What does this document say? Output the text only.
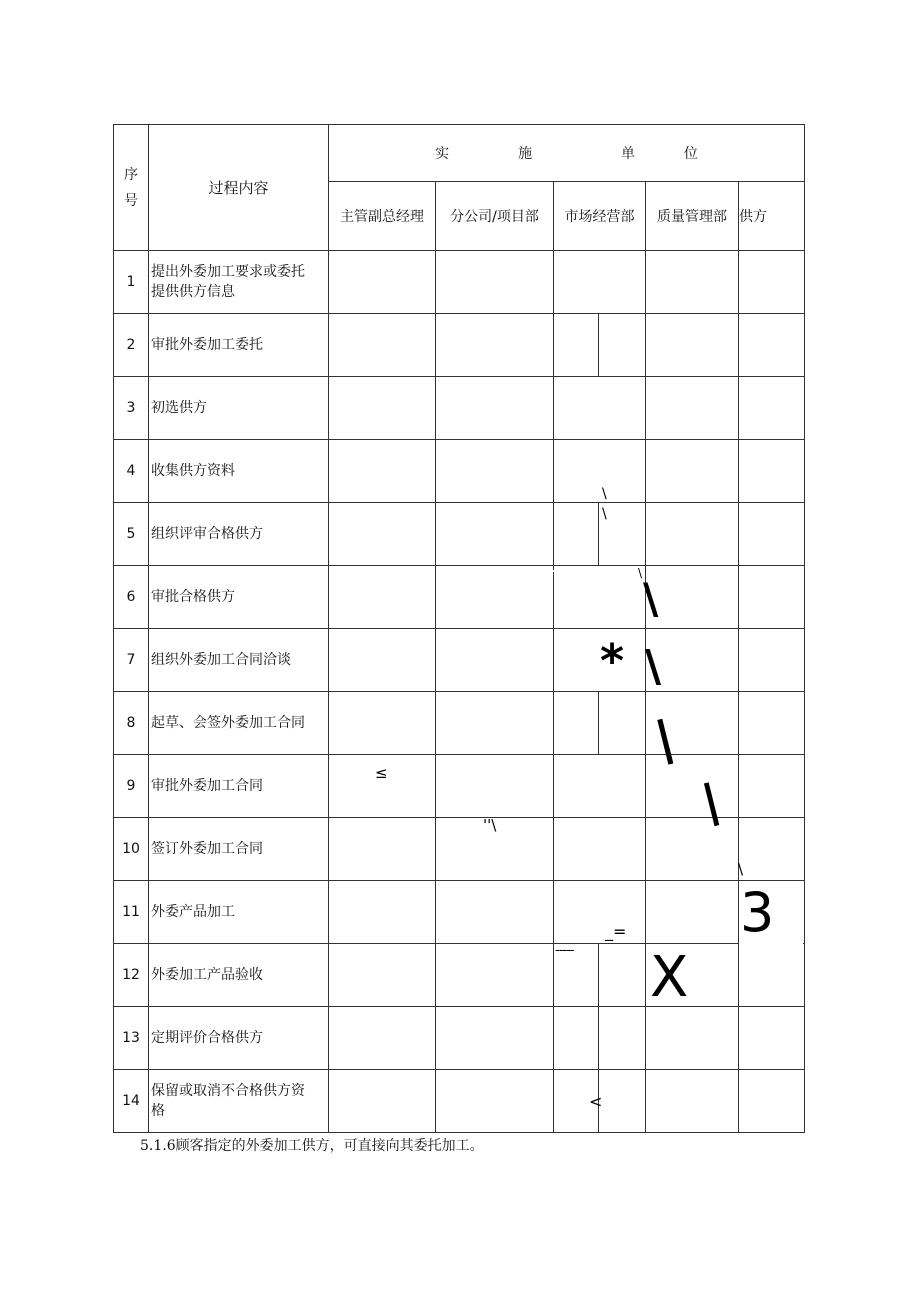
序
号	过程内容	实 施 单 位				
		主管副总经理	分公司/项目部	市场经营部	质量管理部	供方
1	提出外委加工要求或委托
提供供方信息					
2	审批外委加工委托					
3	初选供方					
4	收集供方资料					
5	组织评审合格供方					
6	审批合格供方					
7	组织外委加工合同洽谈					
8	起草、会签外委加工合同					
9	审批外委加工合同					
10	签订外委加工合同					
11	外委产品加工					
12	外委加工产品验收					
13	定期评价合格供方					
14	保留或取消不合格供方资
格					
\
\
\
\
* \
|
≤
''\	|
\
3
_=
----- X
<
5.1.6顾客指定的外委加工供方，可直接向其委托加工。
